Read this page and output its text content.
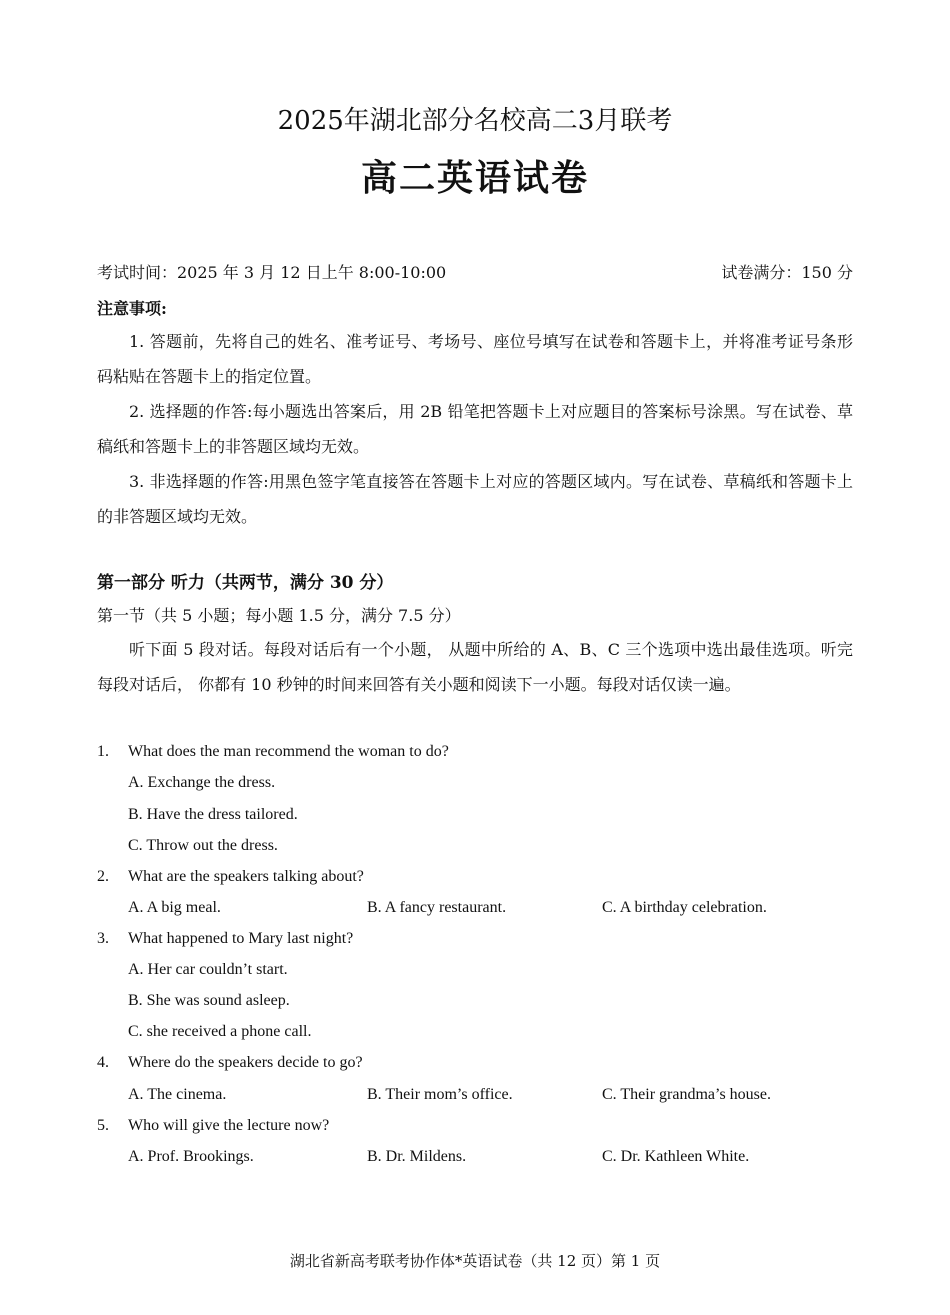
2025年湖北部分名校高二3月联考
高二英语试卷
考试时间：2025 年 3 月 12 日上午 8:00-10:00	试卷满分：150 分
注意事项:
1. 答题前，先将自己的姓名、准考证号、考场号、座位号填写在试卷和答题卡上，并将准考证号条形码粘贴在答题卡上的指定位置。
2. 选择题的作答:每小题选出答案后，用 2B 铅笔把答题卡上对应题目的答案标号涂黑。写在试卷、草稿纸和答题卡上的非答题区域均无效。
3. 非选择题的作答:用黑色签字笔直接答在答题卡上对应的答题区域内。写在试卷、草稿纸和答题卡上的非答题区域均无效。
第一部分 听力（共两节，满分 30 分）
第一节（共 5 小题；每小题 1.5 分，满分 7.5 分）
听下面 5 段对话。每段对话后有一个小题， 从题中所给的 A、B、C 三个选项中选出最佳选项。听完每段对话后， 你都有 10 秒钟的时间来回答有关小题和阅读下一小题。每段对话仅读一遍。
1. What does the man recommend the woman to do?
A. Exchange the dress.
B. Have the dress tailored.
C. Throw out the dress.
2. What are the speakers talking about?
A. A big meal.	B. A fancy restaurant.	C. A birthday celebration.
3. What happened to Mary last night?
A. Her car couldn’t start.
B. She was sound asleep.
C. she received a phone call.
4. Where do the speakers decide to go?
A. The cinema.	B. Their mom’s office.	C. Their grandma’s house.
5. Who will give the lecture now?
A. Prof. Brookings.	B. Dr. Mildens.	C. Dr. Kathleen White.
湖北省新高考联考协作体*英语试卷（共 12 页）第 1 页
